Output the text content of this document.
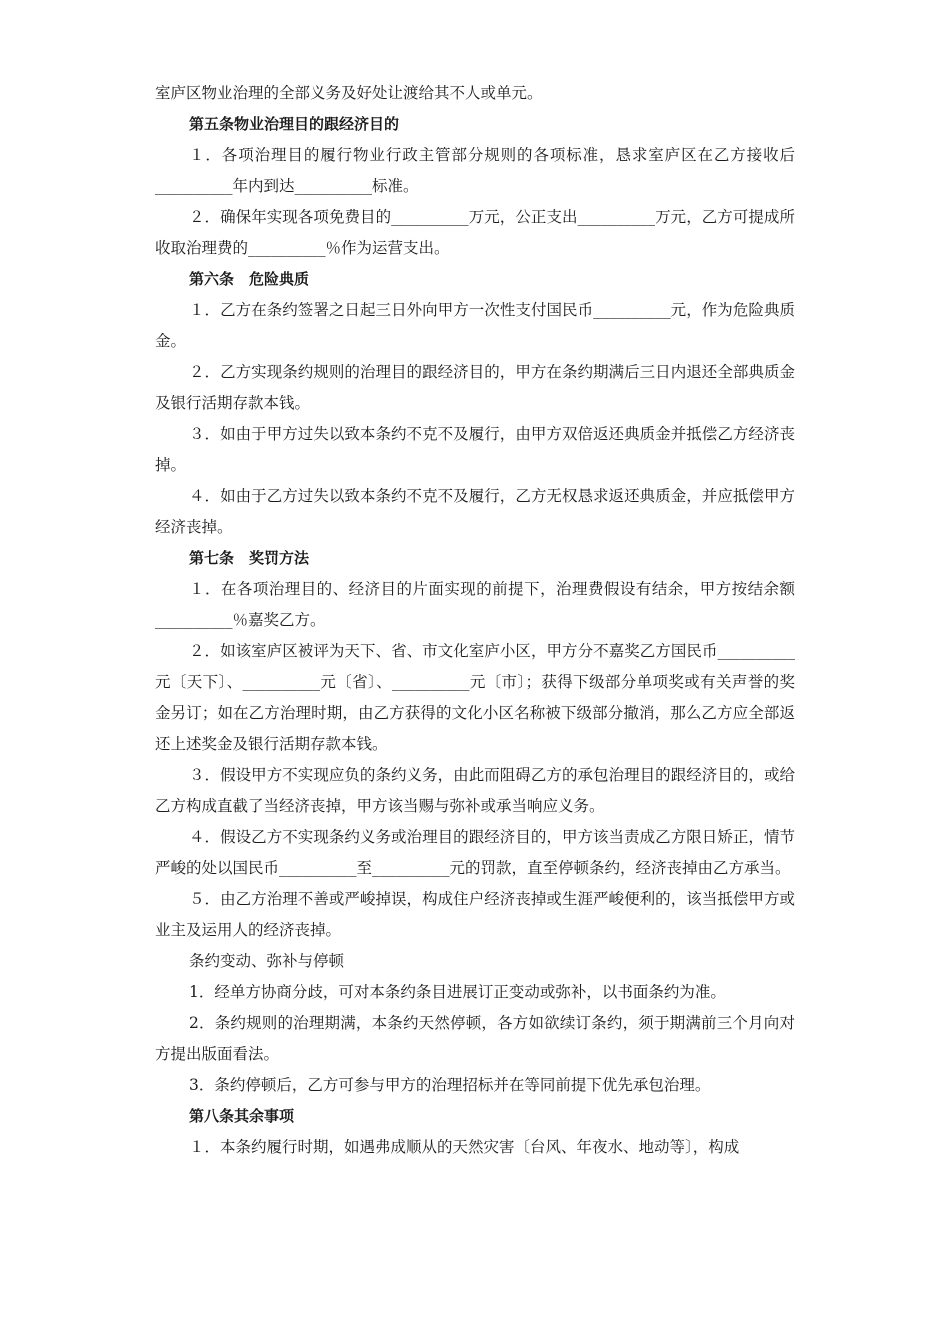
室庐区物业治理的全部义务及好处让渡给其不人或单元。

第五条物业治理目的跟经济目的

１．各项治理目的履行物业行政主管部分规则的各项标准，恳求室庐区在乙方接收后__________年内到达__________标准。

２．确保年实现各项免费目的__________万元，公正支出__________万元，乙方可提成所收取治理费的__________％作为运营支出。

第六条　危险典质

１．乙方在条约签署之日起三日外向甲方一次性支付国民币__________元，作为危险典质金。

２．乙方实现条约规则的治理目的跟经济目的，甲方在条约期满后三日内退还全部典质金及银行活期存款本钱。

３．如由于甲方过失以致本条约不克不及履行，由甲方双倍返还典质金并抵偿乙方经济丧掉。

４．如由于乙方过失以致本条约不克不及履行，乙方无权恳求返还典质金，并应抵偿甲方经济丧掉。

第七条　奖罚方法

１．在各项治理目的、经济目的片面实现的前提下，治理费假设有结余，甲方按结余额__________％嘉奖乙方。

２．如该室庐区被评为天下、省、市文化室庐小区，甲方分不嘉奖乙方国民币__________元〔天下〕、__________元〔省〕、__________元〔市〕；获得下级部分单项奖或有关声誉的奖金另订；如在乙方治理时期，由乙方获得的文化小区名称被下级部分撤消，那么乙方应全部返还上述奖金及银行活期存款本钱。

３．假设甲方不实现应负的条约义务，由此而阻碍乙方的承包治理目的跟经济目的，或给乙方构成直截了当经济丧掉，甲方该当赐与弥补或承当响应义务。

４．假设乙方不实现条约义务或治理目的跟经济目的，甲方该当责成乙方限日矫正，情节严峻的处以国民币__________至__________元的罚款，直至停顿条约，经济丧掉由乙方承当。

５．由乙方治理不善或严峻掉误，构成住户经济丧掉或生涯严峻便利的，该当抵偿甲方或业主及运用人的经济丧掉。

条约变动、弥补与停顿

1．经单方协商分歧，可对本条约条目进展订正变动或弥补，以书面条约为准。

2．条约规则的治理期满，本条约天然停顿，各方如欲续订条约，须于期满前三个月向对方提出版面看法。

3．条约停顿后，乙方可参与甲方的治理招标并在等同前提下优先承包治理。

第八条其余事项

１．本条约履行时期，如遇弗成顺从的天然灾害〔台风、年夜水、地动等〕，构成
